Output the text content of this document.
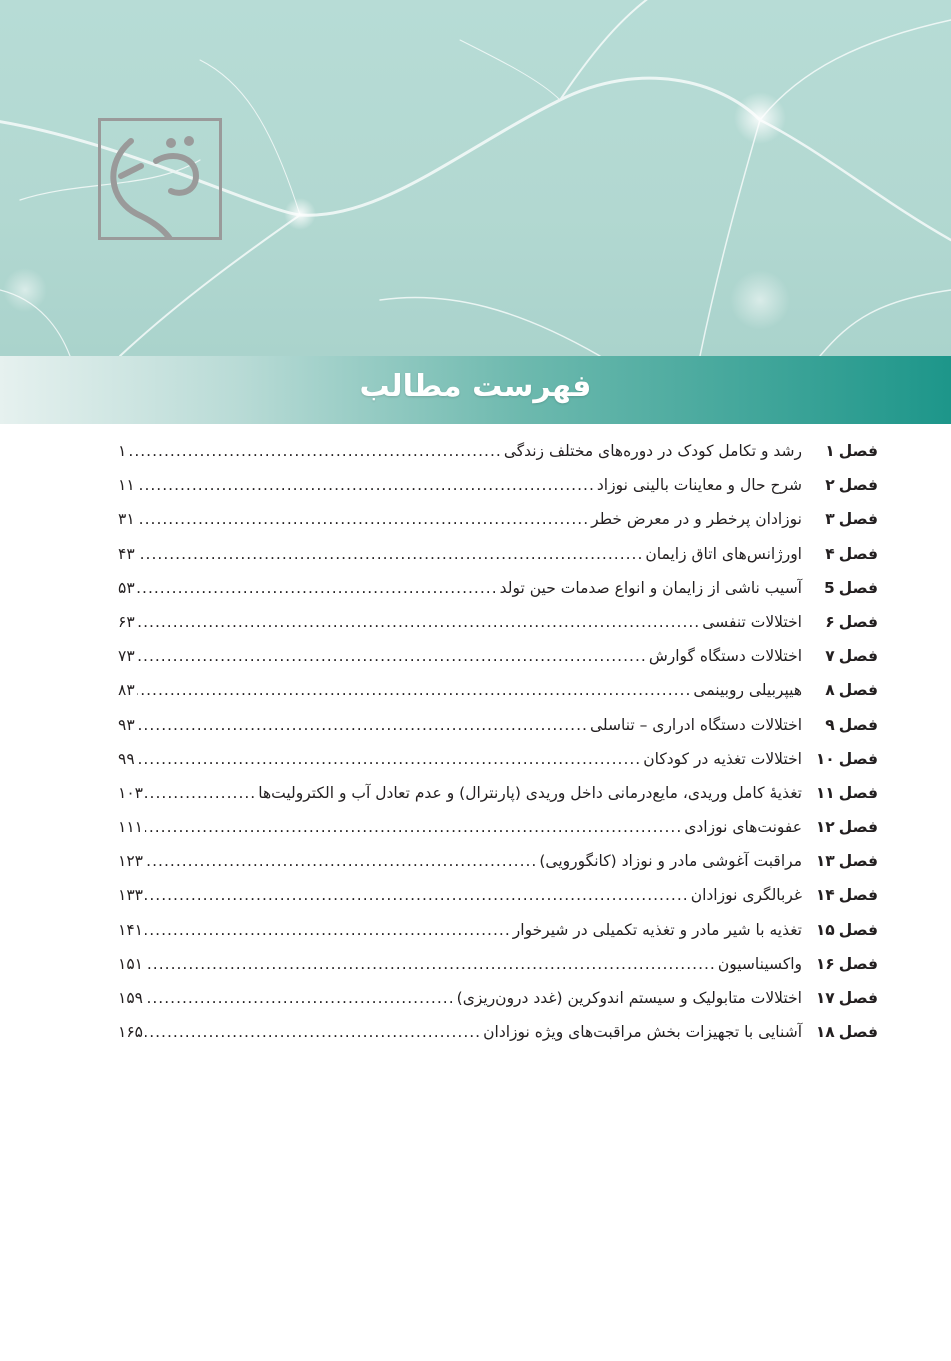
فهرست مطالب
فصل۱
رشد و تکامل کودک در دوره‌های مختلف زندگی
.....
۱
فصل۲
شرح حال و معاینات بالینی نوزاد
.....
۱۱
فصل۳
نوزادان پرخطر و در معرض خطر
.....
۳۱
فصل۴
اورژانس‌های اتاق زایمان
.....
۴۳
فصل5
آسیب ناشی از زایمان و انواع صدمات حین تولد
.....
۵۳
فصل۶
اختلالات تنفسی
.....
۶۳
فصل۷
اختلالات دستگاه گوارش
.....
۷۳
فصل۸
هیپربیلی روبینمی
.....
۸۳
فصل۹
اختلالات دستگاه ادراری – تناسلی
.....
۹۳
فصل۱۰
اختلالات تغذیه در کودکان
.....
۹۹
فصل۱۱
تغذیهٔ کامل وریدی، مایع‌درمانی داخل وریدی (پارنترال) و عدم تعادل آب و الکترولیت‌ها
.....
۱۰۳
فصل۱۲
عفونت‌های نوزادی
.....
۱۱۱
فصل۱۳
مراقبت آغوشی مادر و نوزاد (کانگورویی)
.....
۱۲۳
فصل۱۴
غربالگری نوزادان
.....
۱۳۳
فصل۱۵
تغذیه با شیر مادر و تغذیه تکمیلی در شیرخوار
.....
۱۴۱
فصل۱۶
واکسیناسیون
.....
۱۵۱
فصل۱۷
اختلالات متابولیک و سیستم اندوکرین (غدد درون‌ریزی)
.....
۱۵۹
فصل۱۸
آشنایی با تجهیزات بخش مراقبت‌های ویژه نوزادان
.....
۱۶۵
